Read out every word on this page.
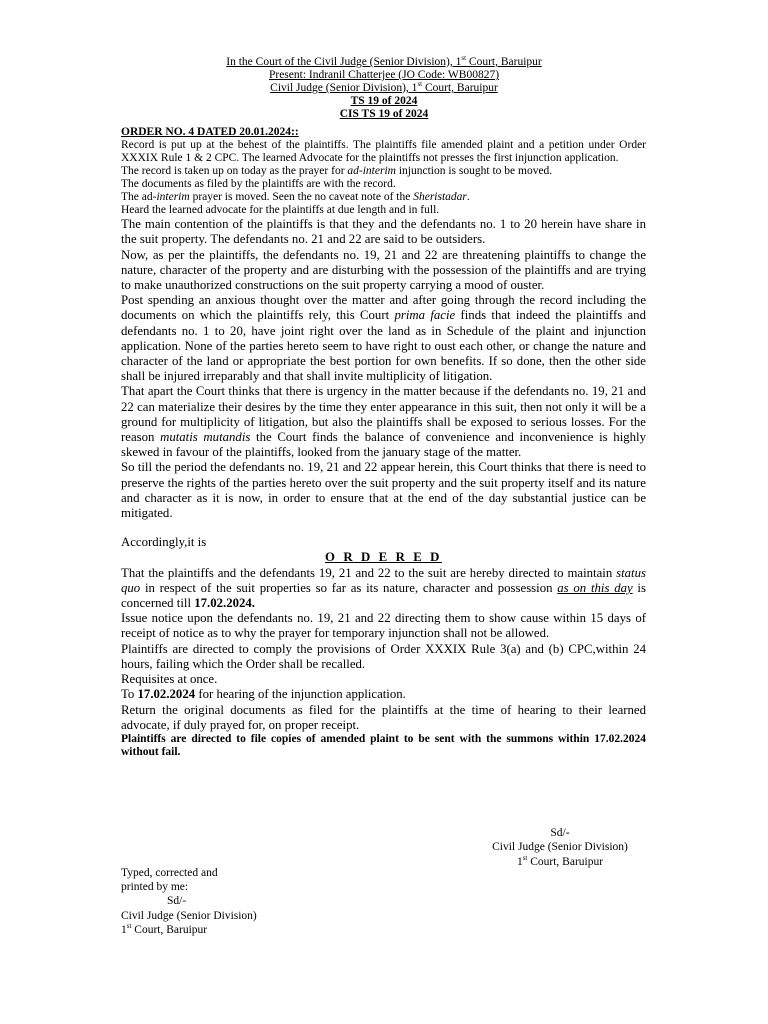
In the Court of the Civil Judge (Senior Division), 1st Court, Baruipur
Present: Indranil Chatterjee (JO Code: WB00827)
Civil Judge (Senior Division), 1st Court, Baruipur
TS 19 of 2024
CIS TS 19 of 2024

ORDER NO. 4 DATED 20.01.2024::

Record is put up at the behest of the plaintiffs. The plaintiffs file amended plaint and a petition under Order XXXIX Rule 1 & 2 CPC. The learned Advocate for the plaintiffs not presses the first injunction application.

The record is taken up on today as the prayer for ad-interim injunction is sought to be moved.

The documents as filed by the plaintiffs are with the record.

The ad-interim prayer is moved. Seen the no caveat note of the Sheristadar.

Heard the learned advocate for the plaintiffs at due length and in full.

The main contention of the plaintiffs is that they and the defendants no. 1 to 20 herein have share in the suit property. The defendants no. 21 and 22 are said to be outsiders.

Now, as per the plaintiffs, the defendants no. 19, 21 and 22 are threatening plaintiffs to change the nature, character of the property and are disturbing with the possession of the plaintiffs and are trying to make unauthorized constructions on the suit property carrying a mood of ouster.

Post spending an anxious thought over the matter and after going through the record including the documents on which the plaintiffs rely, this Court prima facie finds that indeed the plaintiffs and defendants no. 1 to 20, have joint right over the land as in Schedule of the plaint and injunction application. None of the parties hereto seem to have right to oust each other, or change the nature and character of the land or appropriate the best portion for own benefits. If so done, then the other side shall be injured irreparably and that shall invite multiplicity of litigation.

That apart the Court thinks that there is urgency in the matter because if the defendants no. 19, 21 and 22 can materialize their desires by the time they enter appearance in this suit, then not only it will be a ground for multiplicity of litigation, but also the plaintiffs shall be exposed to serious losses. For the reason mutatis mutandis the Court finds the balance of convenience and inconvenience is highly skewed in favour of the plaintiffs, looked from the january stage of the matter.

So till the period the defendants no. 19, 21 and 22 appear herein, this Court thinks that there is need to preserve the rights of the parties hereto over the suit property and the suit property itself and its nature and character as it is now, in order to ensure that at the end of the day substantial justice can be mitigated.

Accordingly,it is

O R D E R E D

That the plaintiffs and the defendants 19, 21 and 22 to the suit are hereby directed to maintain status quo in respect of the suit properties so far as its nature, character and possession as on this day is concerned till 17.02.2024.

Issue notice upon the defendants no. 19, 21 and 22 directing them to show cause within 15 days of receipt of notice as to why the prayer for temporary injunction shall not be allowed.

Plaintiffs are directed to comply the provisions of Order XXXIX Rule 3(a) and (b) CPC,within 24 hours, failing which the Order shall be recalled.

Requisites at once.

To 17.02.2024 for hearing of the injunction application.

Return the original documents as filed for the plaintiffs at the time of hearing to their learned advocate, if duly prayed for, on proper receipt.

Plaintiffs are directed to file copies of amended plaint to be sent with the summons within 17.02.2024 without fail.

Sd/-
Civil Judge (Senior Division)
1st Court, Baruipur
Typed, corrected and
printed by me:
Sd/-
Civil Judge (Senior Division)
1st Court, Baruipur
